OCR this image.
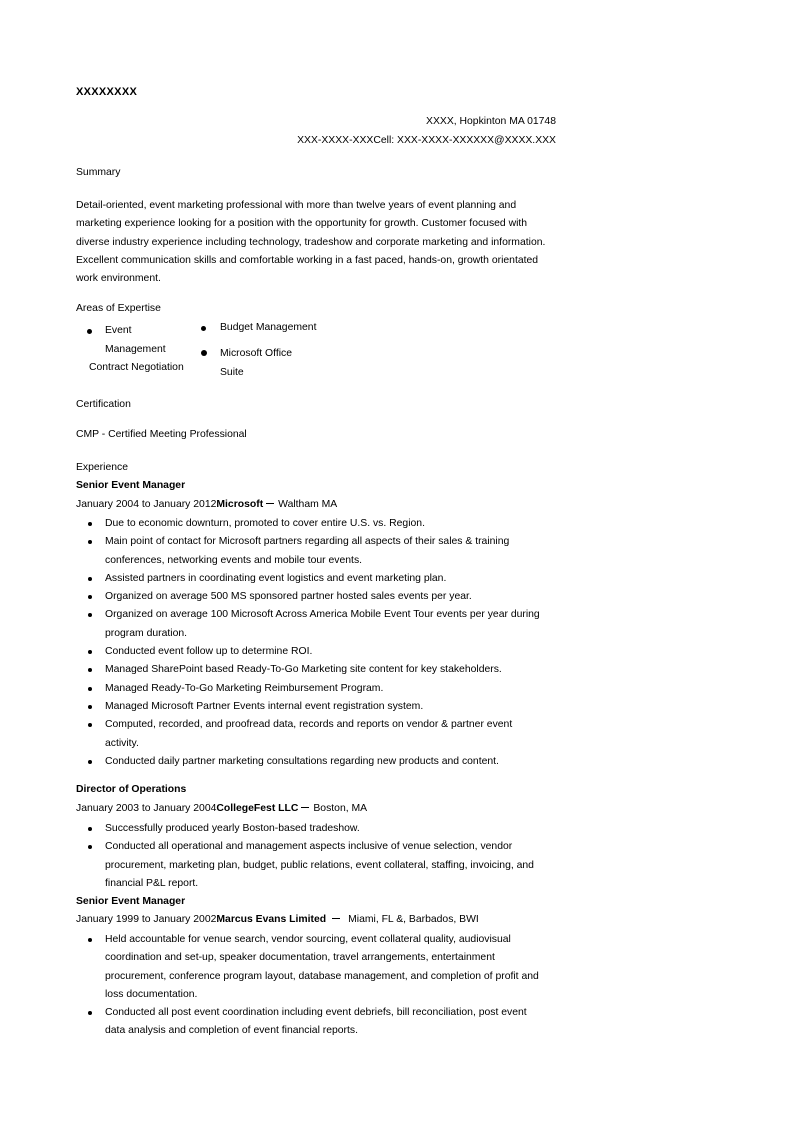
XXXXXXXX
XXXX, Hopkinton MA 01748
XXX-XXXX-XXXCell: XXX-XXXX-XXXXXX@XXXX.XXX
Summary
Detail-oriented, event marketing professional with more than twelve years of event planning and
marketing experience looking for a position with the opportunity for growth. Customer focused with
diverse industry experience including technology, tradeshow and corporate marketing and information.
Excellent communication skills and comfortable working in a fast paced, hands-on, growth orientated
work environment.
Areas of Expertise
Event
Management
Contract Negotiation
Budget Management
Microsoft Office
Suite
Certification
CMP - Certified Meeting Professional
Experience
Senior Event Manager
January 2004 to January 2012Microsoft Waltham MA
Due to economic downturn, promoted to cover entire U.S. vs. Region.
Main point of contact for Microsoft partners regarding all aspects of their sales & training
conferences, networking events and mobile tour events.
Assisted partners in coordinating event logistics and event marketing plan.
Organized on average 500 MS sponsored partner hosted sales events per year.
Organized on average 100 Microsoft Across America Mobile Event Tour events per year during
program duration.
Conducted event follow up to determine ROI.
Managed SharePoint based Ready-To-Go Marketing site content for key stakeholders.
Managed Ready-To-Go Marketing Reimbursement Program.
Managed Microsoft Partner Events internal event registration system.
Computed, recorded, and proofread data, records and reports on vendor & partner event
activity.
Conducted daily partner marketing consultations regarding new products and content.
Director of Operations
January 2003 to January 2004CollegeFest LLC Boston, MA
Successfully produced yearly Boston-based tradeshow.
Conducted all operational and management aspects inclusive of venue selection, vendor
procurement, marketing plan, budget, public relations, event collateral, staffing, invoicing, and
financial P&L report.
Senior Event Manager
January 1999 to January 2002Marcus Evans Limited Miami, FL &, Barbados, BWI
Held accountable for venue search, vendor sourcing, event collateral quality, audiovisual
coordination and set-up, speaker documentation, travel arrangements, entertainment
procurement, conference program layout, database management, and completion of profit and
loss documentation.
Conducted all post event coordination including event debriefs, bill reconciliation, post event
data analysis and completion of event financial reports.
